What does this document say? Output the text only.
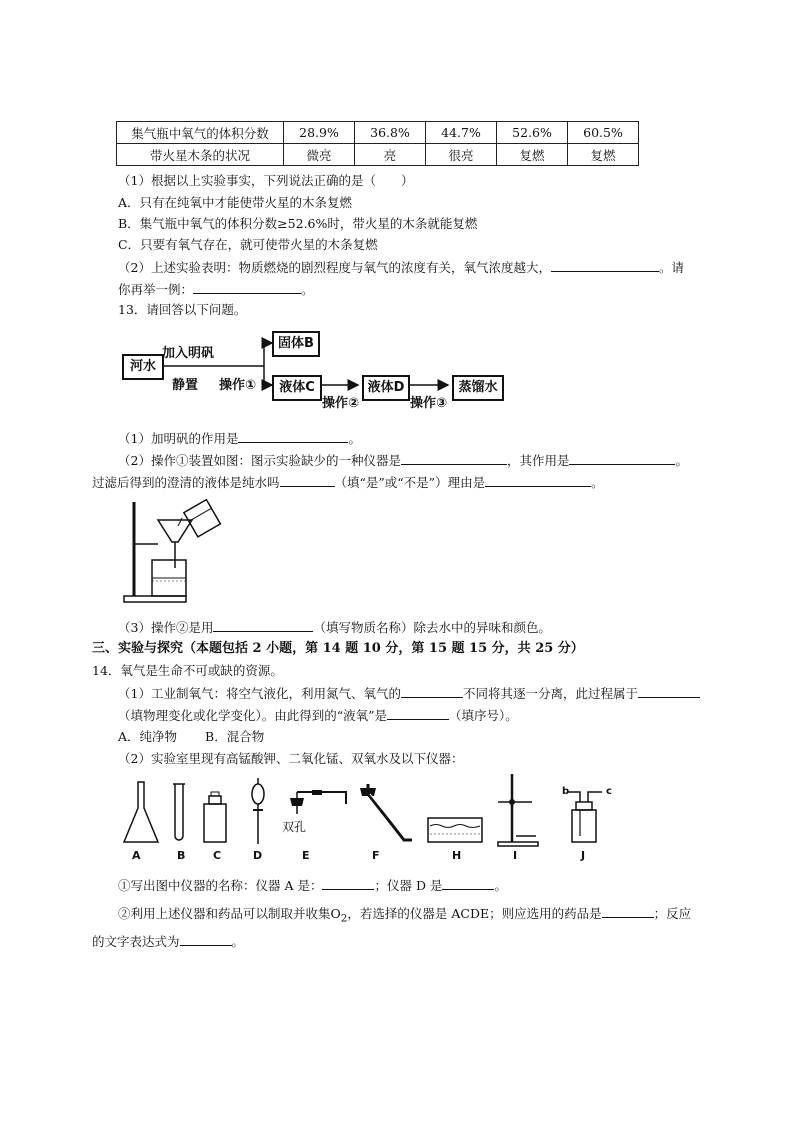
集气瓶中氧气的体积分数	28.9%	36.8%	44.7%	52.6%	60.5%
带火星木条的状况	微亮	亮	很亮	复燃	复燃
（1）根据以上实验事实，下列说法正确的是（　　）
A．只有在纯氧中才能使带火星的木条复燃
B．集气瓶中氧气的体积分数≥52.6%时，带火星的木条就能复燃
C．只要有氧气存在，就可使带火星的木条复燃
（2）上述实验表明：物质燃烧的剧烈程度与氧气的浓度有关，氧气浓度越大，	。请
你再举一例：	。
13．请回答以下问题。
河水
加入明矾
静置 操作①
固体B
液体C
操作②
液体D
操作③
蒸馏水
（1）加明矾的作用是	。
（2）操作①装置如图：图示实验缺少的一种仪器是	，其作用是	。
过滤后得到的澄清的液体是纯水吗	（填“是”或“不是”）理由是	。
（3）操作②是用	（填写物质名称）除去水中的异味和颜色。
三、实验与探究（本题包括 2 小题，第 14 题 10 分，第 15 题 15 分，共 25 分）
14．氧气是生命不可或缺的资源。
（1）工业制氧气：将空气液化，利用氮气、氧气的	不同将其逐一分离，此过程属于
（填物理变化或化学变化）。由此得到的“液氧”是	（填序号）。
A．纯净物 B．混合物
（2）实验室里现有高锰酸钾、二氧化锰、双氧水及以下仪器：
A	B	C	D	E	F	H	I	J
双孔
b	c
①写出图中仪器的名称：仪器 A 是：	；仪器 D 是	。
②利用上述仪器和药品可以制取并收集$O_2$，若选择的仪器是 ACDE；则应选用的药品是	；反应
的文字表达式为	。
